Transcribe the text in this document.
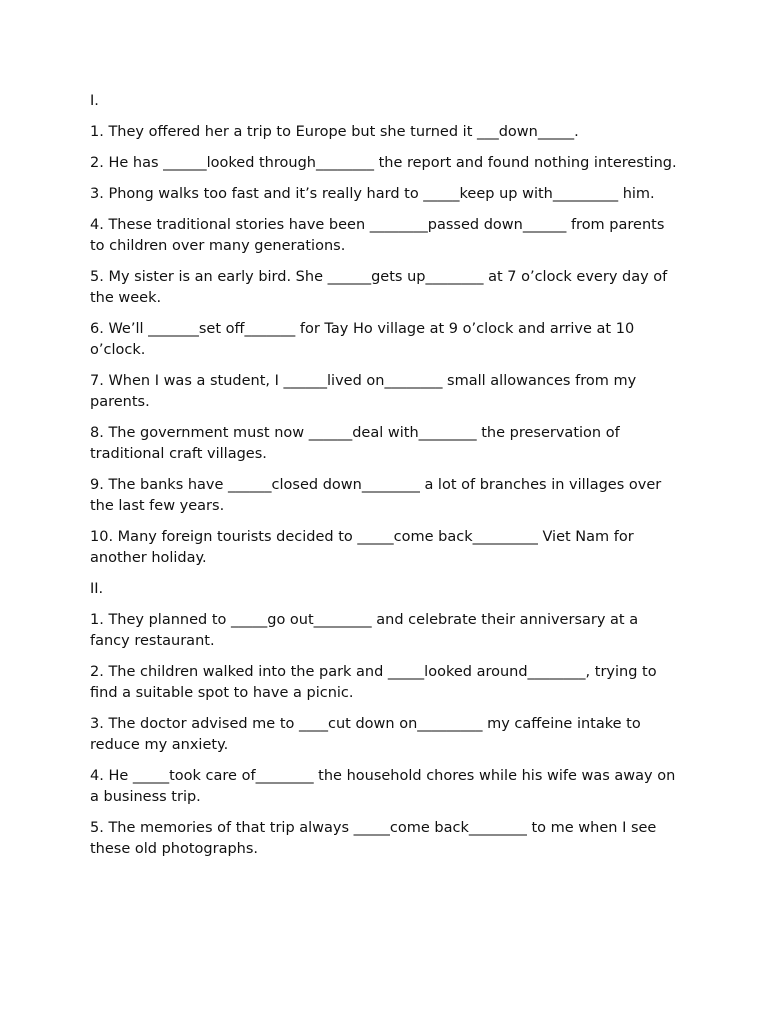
I.
1. They offered her a trip to Europe but she turned it ___down_____.
2. He has ______looked through________ the report and found nothing interesting.
3. Phong walks too fast and it’s really hard to _____keep up with_________ him.
4. These traditional stories have been ________passed down______ from parents to children over many generations.
5. My sister is an early bird. She ______gets up________ at 7 o’clock every day of the week.
6. We’ll _______set off_______ for Tay Ho village at 9 o’clock and arrive at 10 o’clock.
7. When I was a student, I ______lived on________ small allowances from my parents.
8. The government must now ______deal with________ the preservation of traditional craft villages.
9. The banks have ______closed down________ a lot of branches in villages over the last few years.
10. Many foreign tourists decided to _____come back_________ Viet Nam for another holiday.
II.
1. They planned to _____go out________ and celebrate their anniversary at a fancy restaurant.
2. The children walked into the park and _____looked around________, trying to find a suitable spot to have a picnic.
3. The doctor advised me to ____cut down on_________ my caffeine intake to reduce my anxiety.
4. He _____took care of________ the household chores while his wife was away on a business trip.
5. The memories of that trip always _____come back________ to me when I see these old photographs.
